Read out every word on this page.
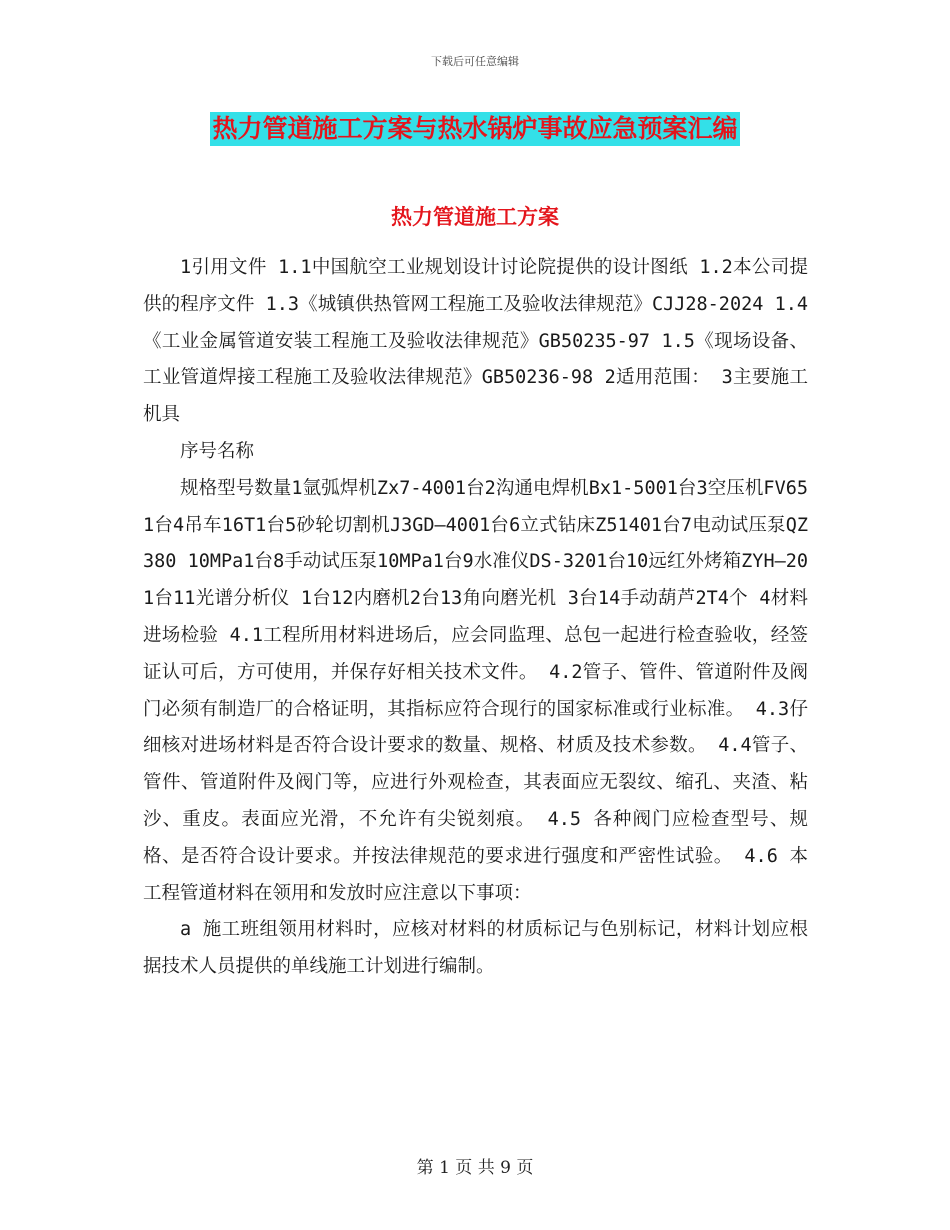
下载后可任意编辑
热力管道施工方案与热水锅炉事故应急预案汇编
热力管道施工方案

1引用文件 1.1中国航空工业规划设计讨论院提供的设计图纸 1.2本公司提供的程序文件 1.3《城镇供热管网工程施工及验收法律规范》CJJ28-2024 1.4《工业金属管道安装工程施工及验收法律规范》GB50235-97 1.5《现场设备、工业管道焊接工程施工及验收法律规范》GB50236-98 2适用范围： 3主要施工机具

序号名称

规格型号数量1氩弧焊机Zx7-4001台2沟通电焊机Bx1-5001台3空压机FV651台4吊车16T1台5砂轮切割机J3GD—4001台6立式钻床Z51401台7电动试压泵QZ380 10MPa1台8手动试压泵10MPa1台9水准仪DS-3201台10远红外烤箱ZYH—201台11光谱分析仪 1台12内磨机2台13角向磨光机 3台14手动葫芦2T4个 4材料进场检验 4.1工程所用材料进场后，应会同监理、总包一起进行检查验收，经签证认可后，方可使用，并保存好相关技术文件。 4.2管子、管件、管道附件及阀门必须有制造厂的合格证明，其指标应符合现行的国家标准或行业标准。 4.3仔细核对进场材料是否符合设计要求的数量、规格、材质及技术参数。 4.4管子、管件、管道附件及阀门等，应进行外观检查，其表面应无裂纹、缩孔、夹渣、粘沙、重皮。表面应光滑，不允许有尖锐刻痕。 4.5 各种阀门应检查型号、规格、是否符合设计要求。并按法律规范的要求进行强度和严密性试验。 4.6 本工程管道材料在领用和发放时应注意以下事项：

a 施工班组领用材料时，应核对材料的材质标记与色别标记，材料计划应根据技术人员提供的单线施工计划进行编制。

第 1 页 共 9 页
